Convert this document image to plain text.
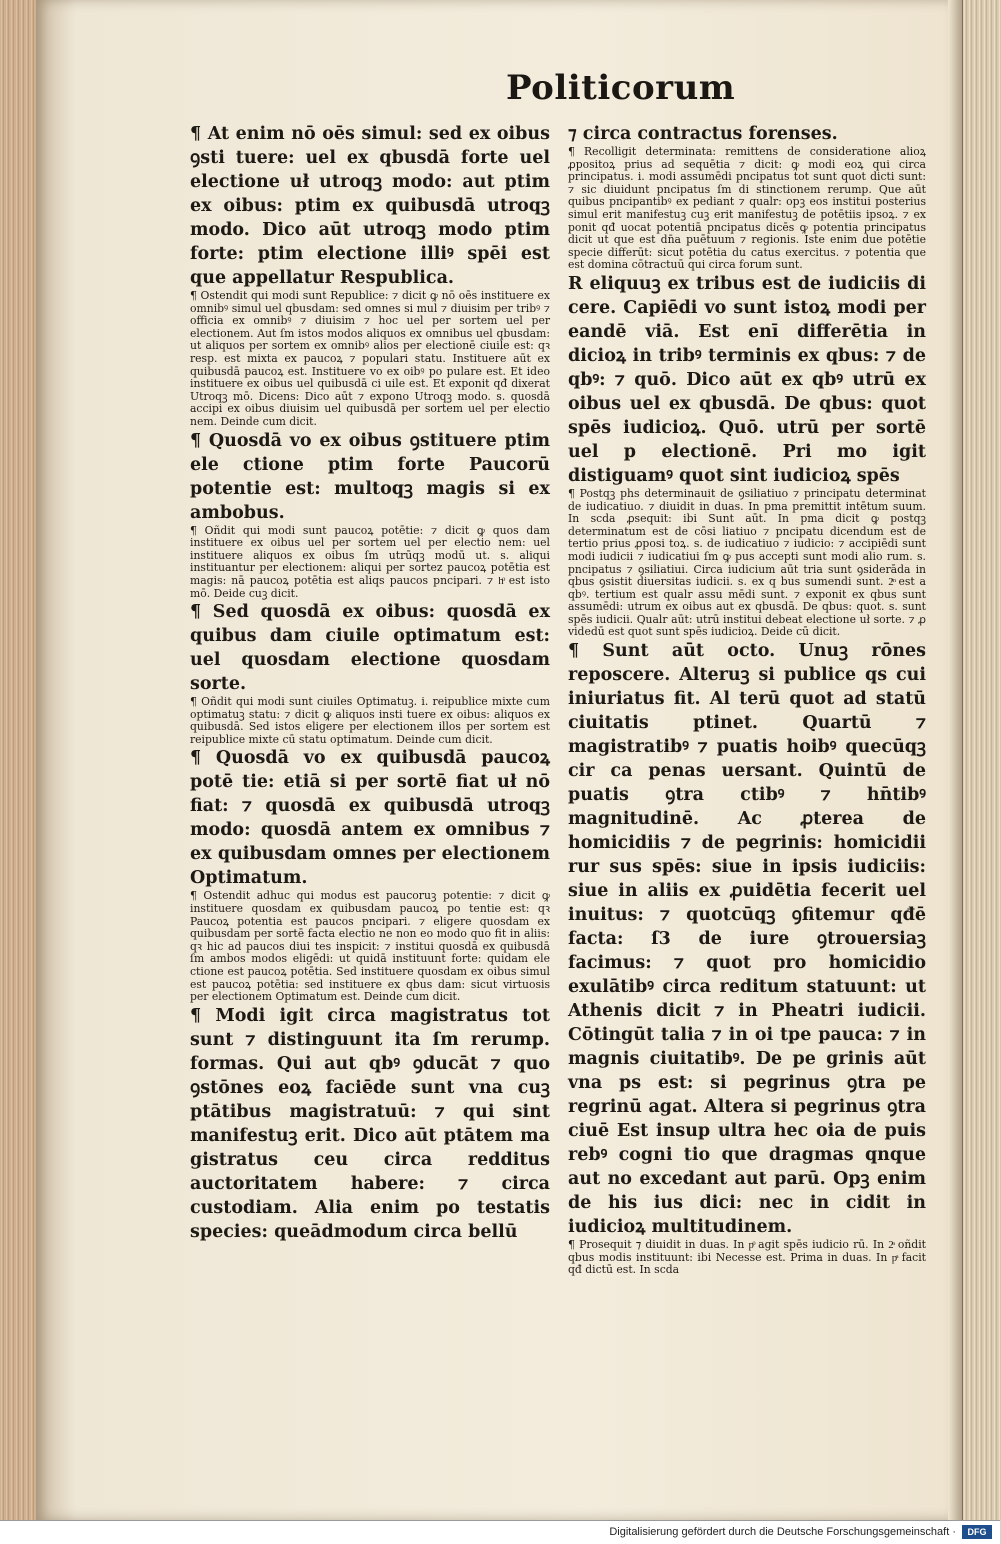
Politicorum

¶ At enim nō oēs simul: sed ex oibus ꝯsti tuere: uel ex qbusdā forte uel electione uł utroqꝫ modo: aut ptim ex oibus: ptim ex quibusdā utroqꝫ modo. Dico aūt utroqꝫ modo ptim forte: ptim electione illiꝰ spēi est que appellatur Respublica.

¶ Ostendit qui modi sunt Republice: ⁊ dicit ꝙ nō oēs instituere ex omnibꝰ simul uel qbusdam: sed omnes si mul ⁊ diuisim per tribꝰ ⁊ officia ex omnibꝰ ⁊ diuisim ⁊ hoc uel per sortem uel per electionem. Aut ſm istos modos aliquos ex omnibus uel qbusdam: ut aliquos per sortem ex omnibꝰ alios per electionē ciuile est: qꝛ resp. est mixta ex paucoꝝ ⁊ populari statu. Instituere aūt ex quibusdā paucoꝝ est. Instituere vo ex oibꝰ po pulare est. Et ideo instituere ex oibus uel quibusdā ci uile est. Et exponit qđ dixerat Utroqꝫ mō. Dicens: Dico aūt ⁊ expono Utroqꝫ modo. s. quosdā accipi ex oibus diuisim uel quibusdā per sortem uel per electio nem. Deinde cum dicit.

¶ Quosdā vo ex oibus ꝯstituere ptim ele ctione ptim forte Paucorū potentie est: multoqꝫ magis si ex ambobus.

¶ Oñdit qui modi sunt paucoꝝ potētie: ⁊ dicit ꝙ quos dam instituere ex oibus uel per sortem uel per electio nem: uel instituere aliquos ex oibus ſm utrūqꝫ modū ut. s. aliqui instituantur per electionem: aliqui per sortez paucoꝝ potētia est magis: nā paucoꝝ potētia est aliqs paucos pncipari. ⁊ hͦ est isto mō. Deide cuꝫ dicit.

¶ Sed quosdā ex oibus: quosdā ex quibus dam ciuile optimatum est: uel quosdam electione quosdam sorte.

¶ Oñdit qui modi sunt ciuiles Optimatuꝫ. i. reipublice mixte cum optimatuꝫ statu: ⁊ dicit ꝙ aliquos insti tuere ex oibus: aliquos ex quibusdā. Sed istos eligere per electionem illos per sortem est reipublice mixte cū statu optimatum. Deinde cum dicit.

¶ Quosdā vo ex quibusdā paucoꝝ potē tie: etiā si per sortē fiat uł nō fiat: ⁊ quosdā ex quibusdā utroqꝫ modo: quosdā antem ex omnibus ⁊ ex quibusdam omnes per electionem Optimatum.

¶ Ostendit adhuc qui modus est paucoruꝫ potentie: ⁊ dicit ꝙ instituere quosdam ex quibusdam paucoꝝ po tentie est: qꝛ Paucoꝝ potentia est paucos pncipari. ⁊ eligere quosdam ex quibusdam per sortē facta electio ne non eo modo quo fit in aliis: qꝛ hic ad paucos diui tes inspicit: ⁊ institui quosdā ex quibusdā ſm ambos modos eligēdi: ut quidā instituunt forte: quidam ele ctione est paucoꝝ potētia. Sed instituere quosdam ex oibus simul est paucoꝝ potētia: sed instituere ex qbus dam: sicut virtuosis per electionem Optimatum est. Deinde cum dicit.

¶ Modi igit circa magistratus tot sunt ⁊ distinguunt ita ſm rerump. formas. Qui aut qbꝰ ꝯducāt ⁊ quo ꝯstōnes eoꝝ faciēde sunt vna cuꝫ ptātibus magistratuū: ⁊ qui sint manifestuꝫ erit. Dico aūt ptātem ma gistratus ceu circa redditus auctoritatem habere: ⁊ circa custodiam. Alia enim po testatis species: queādmodum circa bellū

⁊ circa contractus forenses.

¶ Recolligit determinata: remittens de consideratione alioꝝ ꝓpositoꝝ prius ad sequētia ⁊ dicit: ꝙ modi eoꝝ qui circa principatus. i. modi assumēdi pncipatus tot sunt quot dicti sunt: ⁊ sic diuidunt pncipatus ſm di stinctionem rerump. Que aūt quibus pncipantibꝰ ex pediant ⁊ qualr: opꝫ eos institui posterius simul erit manifestuꝫ cuꝫ erit manifestuꝫ de potētiis ipsoꝝ. ⁊ ex ponit qđ uocat potentiā pncipatus dicēs ꝙ potentia principatus dicit ut que est dn̄a puētuum ⁊ regionis. Iste enim due potētie specie differūt: sicut potētia du catus exercitus. ⁊ potentia que est domina cōtractuū qui circa forum sunt.

R eliquuꝫ ex tribus est de iudiciis di cere. Capiēdi vo sunt istoꝝ modi per eandē viā. Est enī differētia in dicioꝝ in tribꝰ terminis ex qbus: ⁊ de qbꝰ: ⁊ quō. Dico aūt ex qbꝰ utrū ex oibus uel ex qbusdā. De qbus: quot spēs iudicioꝝ. Quō. utrū per sortē uel p electionē. Pri mo igit distiguamꝰ quot sint iudicioꝝ spēs

¶ Postqꝫ phs determinauit de ꝯsiliatiuo ⁊ principatu determinat de iudicatiuo. ⁊ diuidit in duas. In pma premittit intētum suum. In scda ꝓsequit: ibi Sunt aūt. In pma dicit ꝙ postqꝫ determinatum est de cōsi liatiuo ⁊ pncipatu dicendum est de tertio prius ꝓposi toꝝ. s. de iudicatiuo ⁊ iudicio: ⁊ accipiēdi sunt modi iudicii ⁊ iudicatiui ſm ꝙ pus accepti sunt modi alio rum. s. pncipatus ⁊ ꝯsiliatiui. Circa iudicium aūt tria sunt ꝯsiderāda in qbus ꝯsistit diuersitas iudicii. s. ex q bus sumendi sunt. 2ͫ est a qbꝰ. tertium est qualr assu mēdi sunt. ⁊ exponit ex qbus sunt assumēdi: utrum ex oibus aut ex qbusdā. De qbus: quot. s. sunt spēs iudicii. Qualr aūt: utrū institui debeat electione uł sorte. ⁊ ꝓ videdū est quot sunt spēs iudicioꝝ. Deide cū dicit.

¶ Sunt aūt octo. Unuꝫ rōnes reposcere. Alteruꝫ si publice qs cui iniuriatus fit. Al terū quot ad statū ciuitatis ptinet. Quartū ⁊ magistratibꝰ ⁊ puatis hoibꝰ quecūqꝫ cir ca penas uersant. Quintū de puatis ꝯtra ctibꝰ ⁊ hn̄tibꝰ magnitudinē. Ac ꝓterea de homicidiis ⁊ de pegrinis: homicidii rur sus spēs: siue in ipsis iudiciis: siue in aliis ex ꝓuidētia fecerit uel inuitus: ⁊ quotcūqꝫ ꝯfitemur qđē facta: ſ3 de iure ꝯtrouersiaꝫ facimus: ⁊ quot pro homicidio exulātibꝰ circa reditum statuunt: ut Athenis dicit ⁊ in Pheatri iudicii. Cōtingūt talia ⁊ in oi tpe pauca: ⁊ in magnis ciuitatibꝰ. De pe grinis aūt vna ps est: si pegrinus ꝯtra pe regrinū agat. Altera si pegrinus ꝯtra ciuē Est insup ultra hec oia de puis rebꝰ cogni tio que dragmas qnque aut no excedant aut parū. Opꝫ enim de his ius dici: nec in cidit in iudicioꝝ multitudinem.

¶ Prosequit ⁊ diuidit in duas. In pͦ agit spēs iudicio rū. In 2ͣ oñdit qbus modis instituunt: ibi Necesse est. Prima in duas. In pͣ facit qđ dictū est. In scda

Digitalisierung gefördert durch die Deutsche Forschungsgemeinschaft ·	DFG
